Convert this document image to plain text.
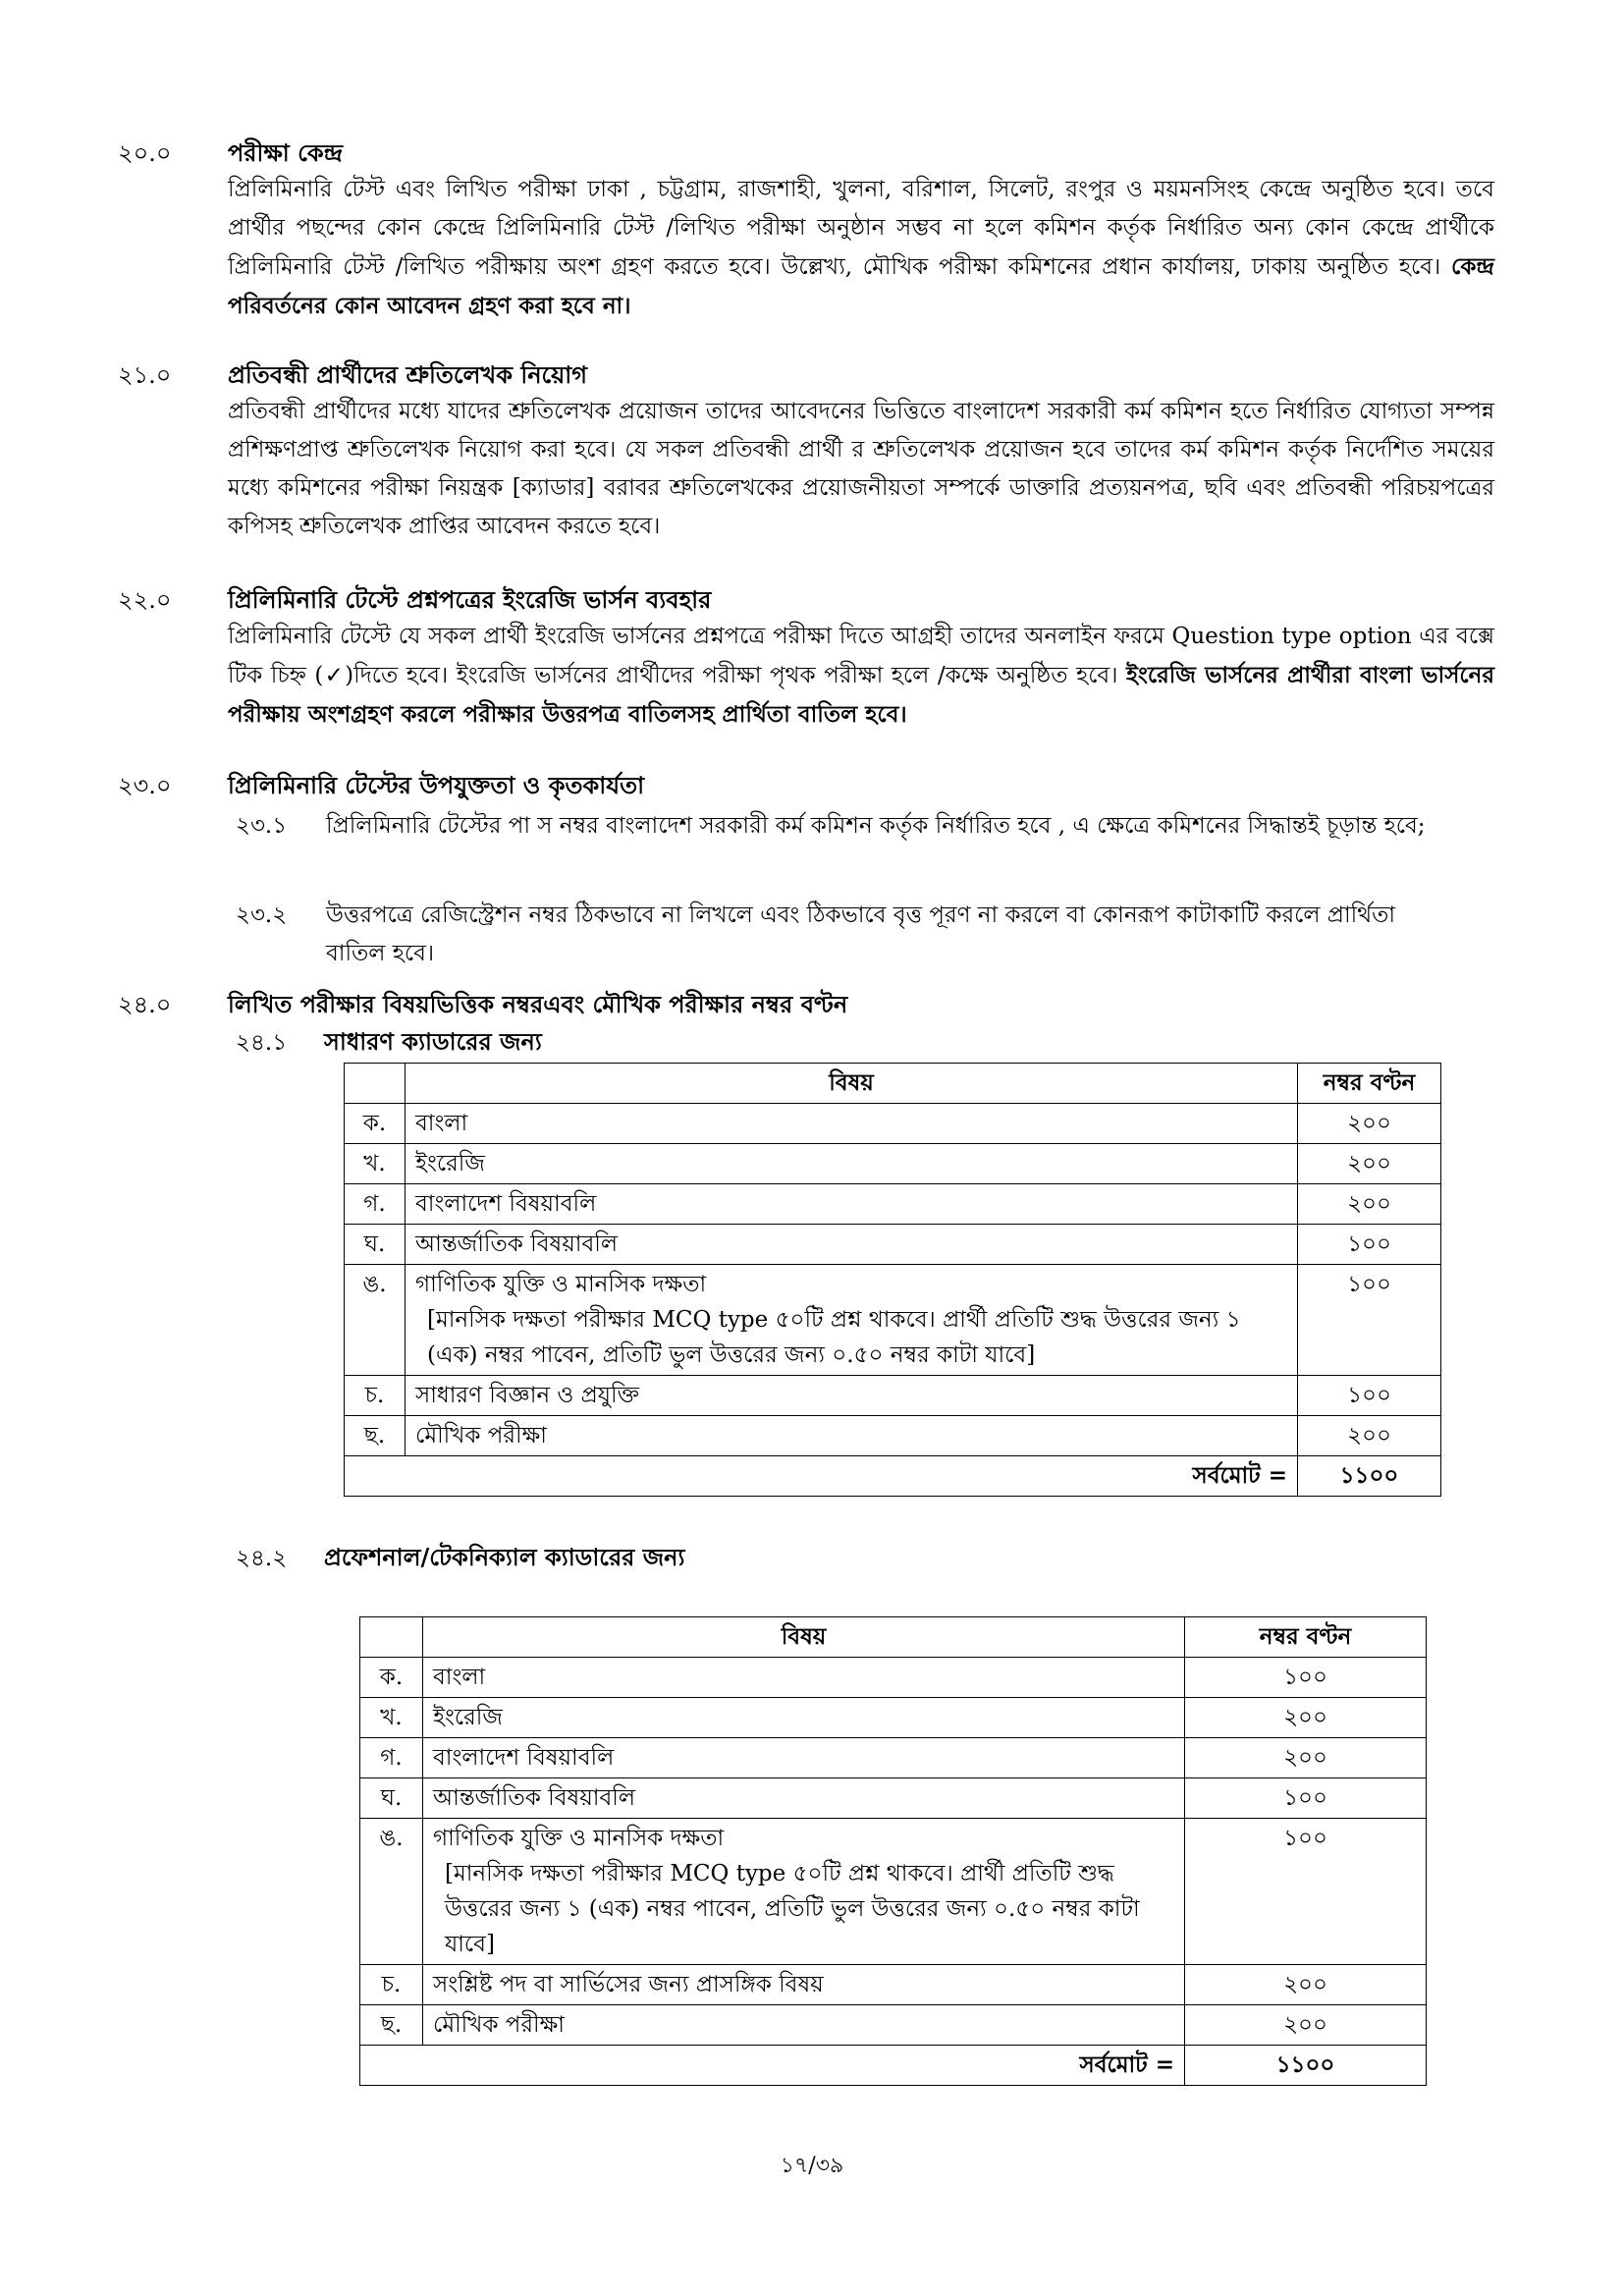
২০.০ পরীক্ষা কেন্দ্র
প্রিলিমিনারি টেস্ট এবং লিখিত পরীক্ষা ঢাকা , চট্টগ্রাম, রাজশাহী, খুলনা, বরিশাল, সিলেট, রংপুর ও ময়মনসিংহ কেন্দ্রে অনুষ্ঠিত হবে। তবে প্রার্থীর পছন্দের কোন কেন্দ্রে প্রিলিমিনারি টেস্ট /লিখিত পরীক্ষা অনুষ্ঠান সম্ভব না হলে কমিশন কর্তৃক নির্ধারিত অন্য কোন কেন্দ্রে প্রার্থীকে প্রিলিমিনারি টেস্ট /লিখিত পরীক্ষায় অংশ গ্রহণ করতে হবে। উল্লেখ্য, মৌখিক পরীক্ষা কমিশনের প্রধান কার্যালয়, ঢাকায় অনুষ্ঠিত হবে। কেন্দ্র পরিবর্তনের কোন আবেদন গ্রহণ করা হবে না।
২১.০ প্রতিবন্ধী প্রার্থীদের শ্রুতিলেখক নিয়োগ
প্রতিবন্ধী প্রার্থীদের মধ্যে যাদের শ্রুতিলেখক প্রয়োজন তাদের আবেদনের ভিত্তিতে বাংলাদেশ সরকারী কর্ম কমিশন হতে নির্ধারিত যোগ্যতা সম্পন্ন প্রশিক্ষণপ্রাপ্ত শ্রুতিলেখক নিয়োগ করা হবে। যে সকল প্রতিবন্ধী প্রার্থী র শ্রুতিলেখক প্রয়োজন হবে তাদের কর্ম কমিশন কর্তৃক নির্দেশিত সময়ের মধ্যে কমিশনের পরীক্ষা নিয়ন্ত্রক [ক্যাডার] বরাবর শ্রুতিলেখকের প্রয়োজনীয়তা সম্পর্কে ডাক্তারি প্রত্যয়নপত্র, ছবি এবং প্রতিবন্ধী পরিচয়পত্রের কপিসহ শ্রুতিলেখক প্রাপ্তির আবেদন করতে হবে।
২২.০ প্রিলিমিনারি টেস্টে প্রশ্নপত্রের ইংরেজি ভার্সন ব্যবহার
প্রিলিমিনারি টেস্টে যে সকল প্রার্থী ইংরেজি ভার্সনের প্রশ্নপত্রে পরীক্ষা দিতে আগ্রহী তাদের অনলাইন ফরমে Question type option এর বক্সে টিক চিহ্ন (✓)দিতে হবে। ইংরেজি ভার্সনের প্রার্থীদের পরীক্ষা পৃথক পরীক্ষা হলে /কক্ষে অনুষ্ঠিত হবে। ইংরেজি ভার্সনের প্রার্থীরা বাংলা ভার্সনের পরীক্ষায় অংশগ্রহণ করলে পরীক্ষার উত্তরপত্র বাতিলসহ প্রার্থিতা বাতিল হবে।
২৩.০ প্রিলিমিনারি টেস্টের উপযুক্ততা ও কৃতকার্যতা
২৩.১ প্রিলিমিনারি টেস্টের পা স নম্বর বাংলাদেশ সরকারী কর্ম কমিশন কর্তৃক নির্ধারিত হবে , এ ক্ষেত্রে কমিশনের সিদ্ধান্তই চূড়ান্ত হবে;
২৩.২ উত্তরপত্রে রেজিস্ট্রেশন নম্বর ঠিকভাবে না লিখলে এবং ঠিকভাবে বৃত্ত পূরণ না করলে বা কোনরূপ কাটাকাটি করলে প্রার্থিতা বাতিল হবে।
২৪.০ লিখিত পরীক্ষার বিষয়ভিত্তিক নম্বরএবং মৌখিক পরীক্ষার নম্বর বণ্টন
২৪.১ সাধারণ ক্যাডারের জন্য
	বিষয়	নম্বর বণ্টন
ক.	বাংলা	২০০
খ.	ইংরেজি	২০০
গ.	বাংলাদেশ বিষয়াবলি	২০০
ঘ.	আন্তর্জাতিক বিষয়াবলি	১০০
ঙ.	গাণিতিক যুক্তি ও মানসিক দক্ষতা
[মানসিক দক্ষতা পরীক্ষার MCQ type ৫০টি প্রশ্ন থাকবে। প্রার্থী প্রতিটি শুদ্ধ উত্তরের জন্য ১ (এক) নম্বর পাবেন, প্রতিটি ভুল উত্তরের জন্য ০.৫০ নম্বর কাটা যাবে]	১০০
চ.	সাধারণ বিজ্ঞান ও প্রযুক্তি	১০০
ছ.	মৌখিক পরীক্ষা	২০০
সর্বমোট =		১১০০
২৪.২ প্রফেশনাল/টেকনিক্যাল ক্যাডারের জন্য
	বিষয়	নম্বর বণ্টন
ক.	বাংলা	১০০
খ.	ইংরেজি	২০০
গ.	বাংলাদেশ বিষয়াবলি	২০০
ঘ.	আন্তর্জাতিক বিষয়াবলি	১০০
ঙ.	গাণিতিক যুক্তি ও মানসিক দক্ষতা
[মানসিক দক্ষতা পরীক্ষার MCQ type ৫০টি প্রশ্ন থাকবে। প্রার্থী প্রতিটি শুদ্ধ উত্তরের জন্য ১ (এক) নম্বর পাবেন, প্রতিটি ভুল উত্তরের জন্য ০.৫০ নম্বর কাটা যাবে]	১০০
চ.	সংশ্লিষ্ট পদ বা সার্ভিসের জন্য প্রাসঙ্গিক বিষয়	২০০
ছ.	মৌখিক পরীক্ষা	২০০
সর্বমোট =		১১০০
১৭/৩৯
